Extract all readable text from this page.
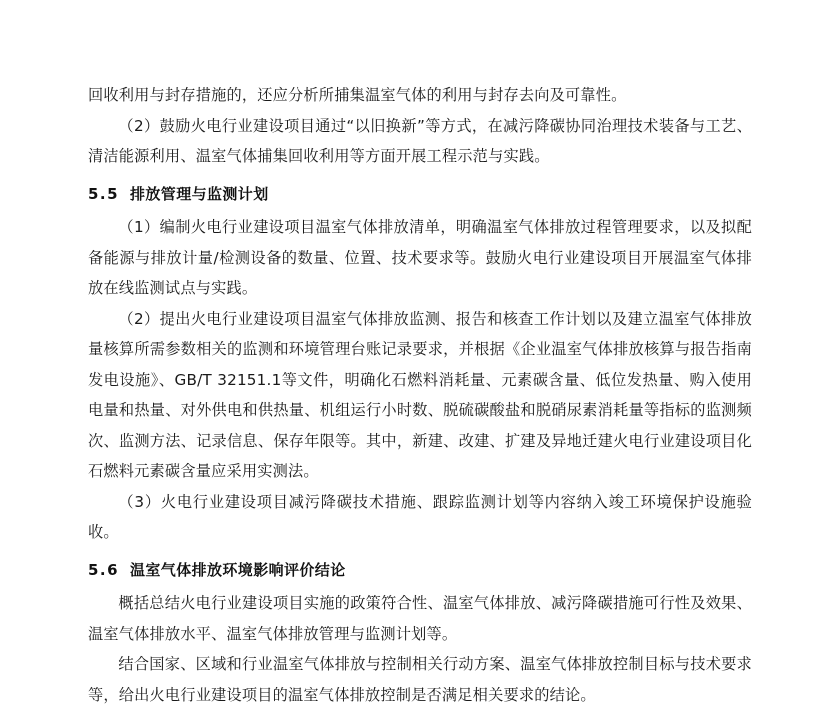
回收利用与封存措施的，还应分析所捕集温室气体的利用与封存去向及可靠性。

（2）鼓励火电行业建设项目通过“以旧换新”等方式，在减污降碳协同治理技术装备与工艺、清洁能源利用、温室气体捕集回收利用等方面开展工程示范与实践。

5.5 排放管理与监测计划

（1）编制火电行业建设项目温室气体排放清单，明确温室气体排放过程管理要求，以及拟配备能源与排放计量/检测设备的数量、位置、技术要求等。鼓励火电行业建设项目开展温室气体排放在线监测试点与实践。

（2）提出火电行业建设项目温室气体排放监测、报告和核查工作计划以及建立温室气体排放量核算所需参数相关的监测和环境管理台账记录要求，并根据《企业温室气体排放核算与报告指南 发电设施》、GB/T 32151.1等文件，明确化石燃料消耗量、元素碳含量、低位发热量、购入使用电量和热量、对外供电和供热量、机组运行小时数、脱硫碳酸盐和脱硝尿素消耗量等指标的监测频次、监测方法、记录信息、保存年限等。其中，新建、改建、扩建及异地迁建火电行业建设项目化石燃料元素碳含量应采用实测法。

（3）火电行业建设项目减污降碳技术措施、跟踪监测计划等内容纳入竣工环境保护设施验收。

5.6 温室气体排放环境影响评价结论

概括总结火电行业建设项目实施的政策符合性、温室气体排放、减污降碳措施可行性及效果、温室气体排放水平、温室气体排放管理与监测计划等。

结合国家、区域和行业温室气体排放与控制相关行动方案、温室气体排放控制目标与技术要求等，给出火电行业建设项目的温室气体排放控制是否满足相关要求的结论。
